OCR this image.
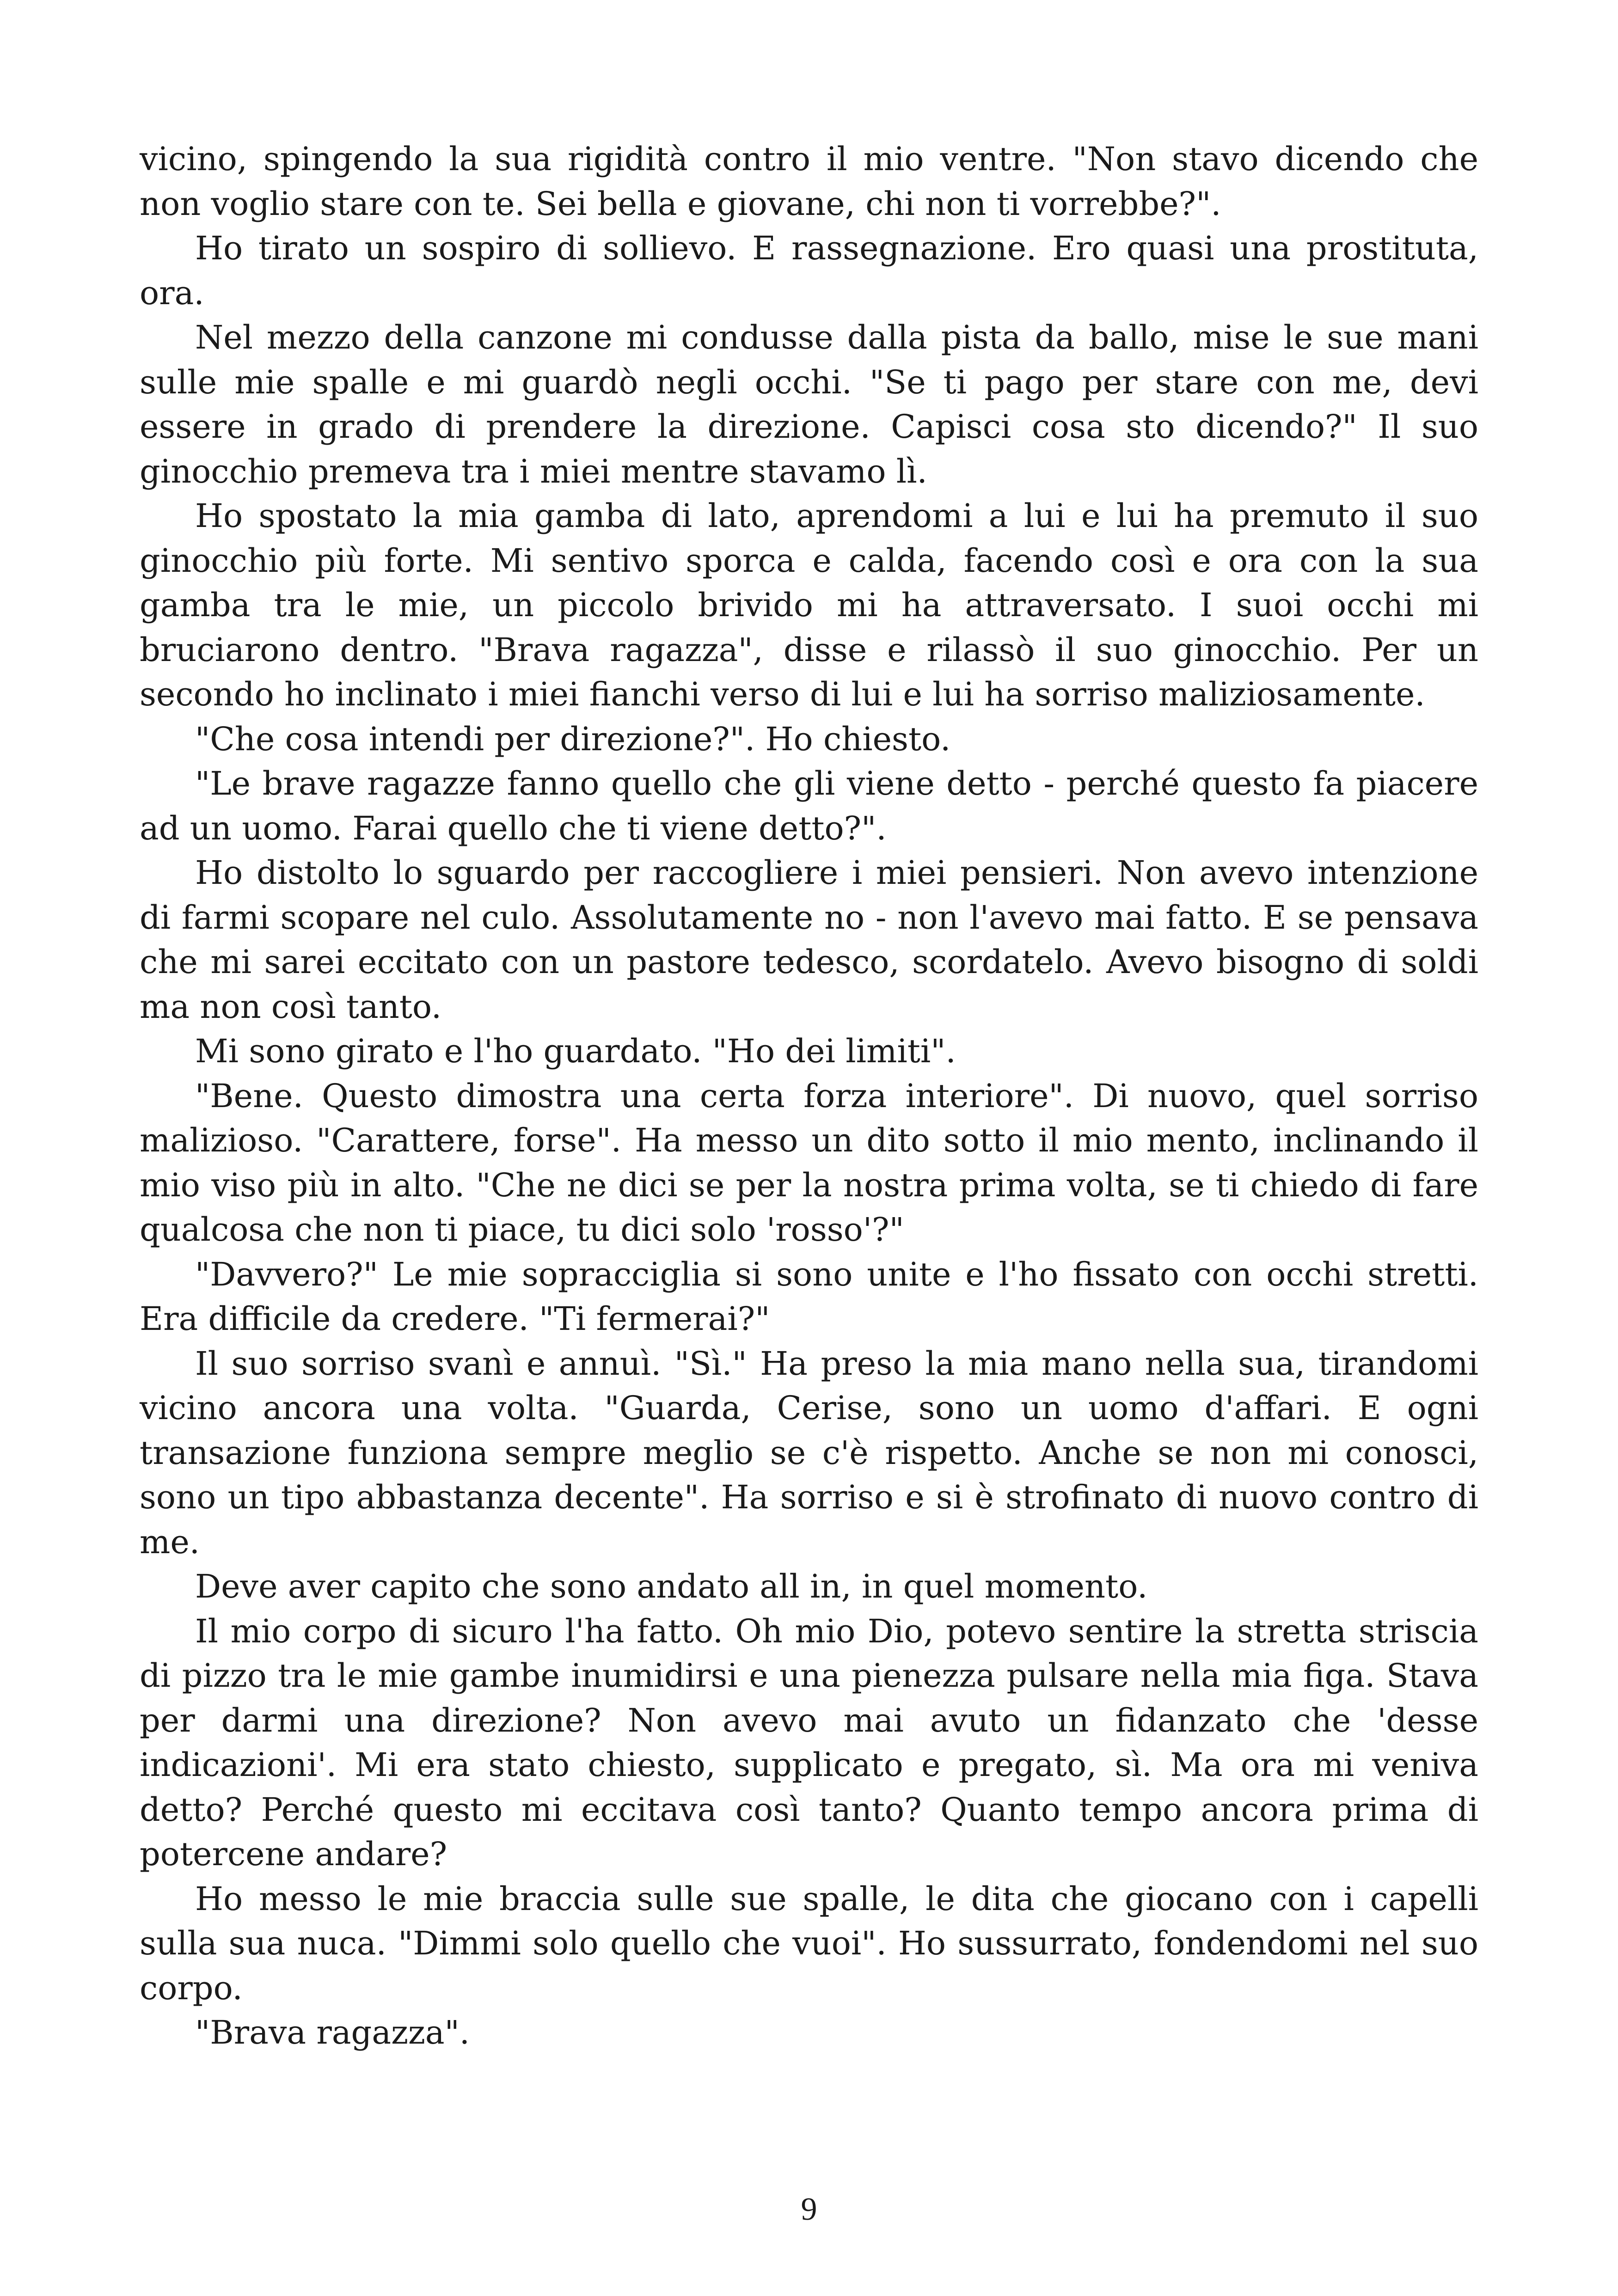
vicino, spingendo la sua rigidità contro il mio ventre. "Non stavo dicendo che non voglio stare con te. Sei bella e giovane, chi non ti vorrebbe?".

Ho tirato un sospiro di sollievo. E rassegnazione. Ero quasi una prostituta, ora.

Nel mezzo della canzone mi condusse dalla pista da ballo, mise le sue mani sulle mie spalle e mi guardò negli occhi. "Se ti pago per stare con me, devi essere in grado di prendere la direzione. Capisci cosa sto dicendo?" Il suo ginocchio premeva tra i miei mentre stavamo lì.

Ho spostato la mia gamba di lato, aprendomi a lui e lui ha premuto il suo ginocchio più forte. Mi sentivo sporca e calda, facendo così e ora con la sua gamba tra le mie, un piccolo brivido mi ha attraversato. I suoi occhi mi bruciarono dentro. "Brava ragazza", disse e rilassò il suo ginocchio. Per un secondo ho inclinato i miei fianchi verso di lui e lui ha sorriso maliziosamente.

"Che cosa intendi per direzione?". Ho chiesto.

"Le brave ragazze fanno quello che gli viene detto - perché questo fa piacere ad un uomo. Farai quello che ti viene detto?".

Ho distolto lo sguardo per raccogliere i miei pensieri. Non avevo intenzione di farmi scopare nel culo. Assolutamente no - non l'avevo mai fatto. E se pensava che mi sarei eccitato con un pastore tedesco, scordatelo. Avevo bisogno di soldi ma non così tanto.

Mi sono girato e l'ho guardato. "Ho dei limiti".

"Bene. Questo dimostra una certa forza interiore". Di nuovo, quel sorriso malizioso. "Carattere, forse". Ha messo un dito sotto il mio mento, inclinando il mio viso più in alto. "Che ne dici se per la nostra prima volta, se ti chiedo di fare qualcosa che non ti piace, tu dici solo 'rosso'?"

"Davvero?" Le mie sopracciglia si sono unite e l'ho fissato con occhi stretti. Era difficile da credere. "Ti fermerai?"

Il suo sorriso svanì e annuì. "Sì." Ha preso la mia mano nella sua, tirandomi vicino ancora una volta. "Guarda, Cerise, sono un uomo d'affari. E ogni transazione funziona sempre meglio se c'è rispetto. Anche se non mi conosci, sono un tipo abbastanza decente". Ha sorriso e si è strofinato di nuovo contro di me.

Deve aver capito che sono andato all in, in quel momento.

Il mio corpo di sicuro l'ha fatto. Oh mio Dio, potevo sentire la stretta striscia di pizzo tra le mie gambe inumidirsi e una pienezza pulsare nella mia figa. Stava per darmi una direzione? Non avevo mai avuto un fidanzato che 'desse indicazioni'. Mi era stato chiesto, supplicato e pregato, sì. Ma ora mi veniva detto? Perché questo mi eccitava così tanto? Quanto tempo ancora prima di potercene andare?

Ho messo le mie braccia sulle sue spalle, le dita che giocano con i capelli sulla sua nuca. "Dimmi solo quello che vuoi". Ho sussurrato, fondendomi nel suo corpo.

"Brava ragazza".

9
